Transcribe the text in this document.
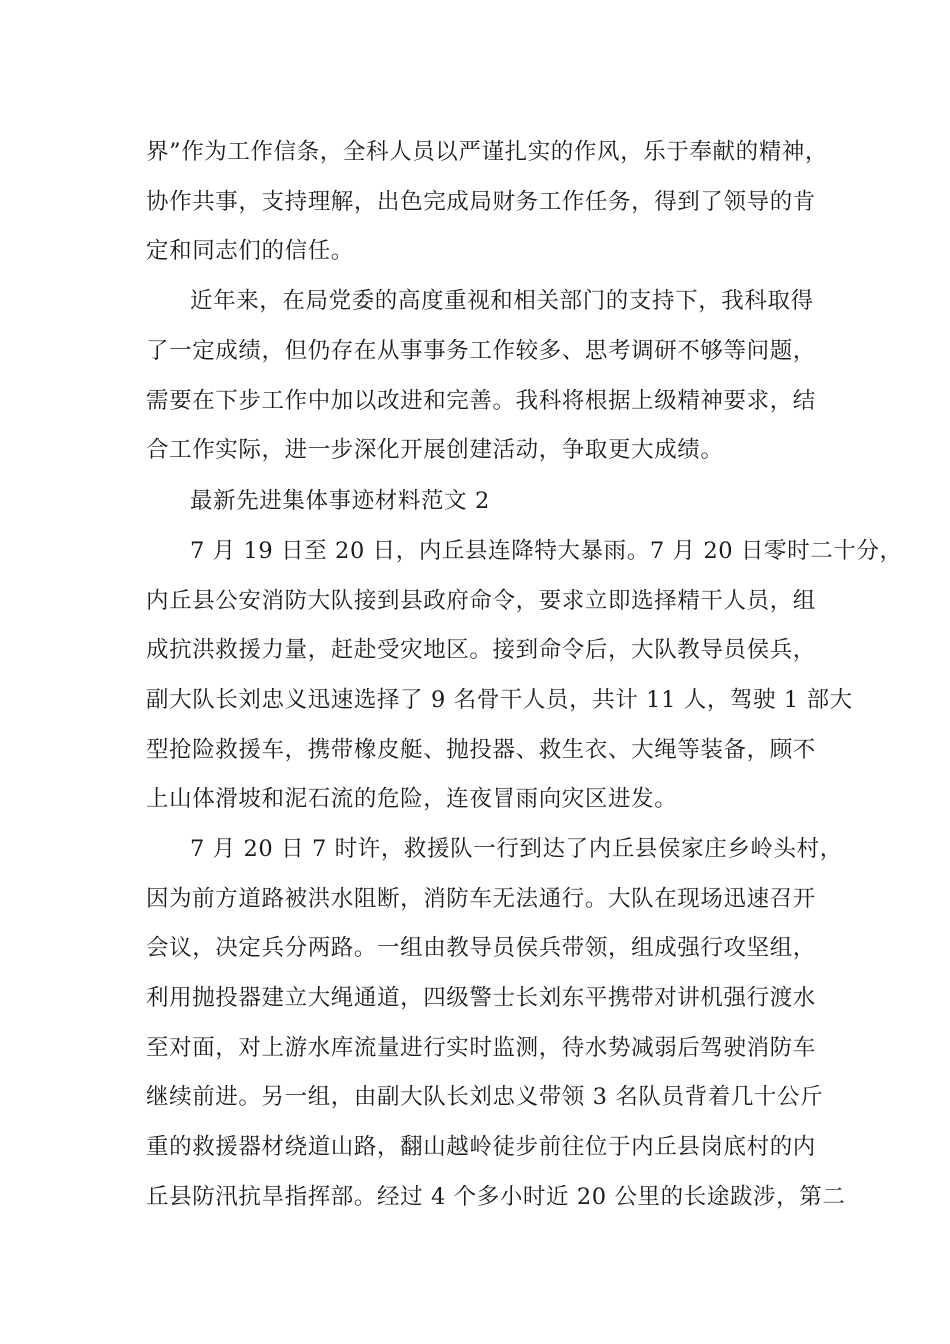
界”作为工作信条，全科人员以严谨扎实的作风，乐于奉献的精神，
协作共事，支持理解，出色完成局财务工作任务，得到了领导的肯
定和同志们的信任。
近年来，在局党委的高度重视和相关部门的支持下，我科取得
了一定成绩，但仍存在从事事务工作较多、思考调研不够等问题，
需要在下步工作中加以改进和完善。我科将根据上级精神要求，结
合工作实际，进一步深化开展创建活动，争取更大成绩。
最新先进集体事迹材料范文 2
7 月 19 日至 20 日，内丘县连降特大暴雨。7 月 20 日零时二十分，
内丘县公安消防大队接到县政府命令，要求立即选择精干人员，组
成抗洪救援力量，赶赴受灾地区。接到命令后，大队教导员侯兵，
副大队长刘忠义迅速选择了 9 名骨干人员，共计 11 人，驾驶 1 部大
型抢险救援车，携带橡皮艇、抛投器、救生衣、大绳等装备，顾不
上山体滑坡和泥石流的危险，连夜冒雨向灾区进发。
7 月 20 日 7 时许，救援队一行到达了内丘县侯家庄乡岭头村，
因为前方道路被洪水阻断，消防车无法通行。大队在现场迅速召开
会议，决定兵分两路。一组由教导员侯兵带领，组成强行攻坚组，
利用抛投器建立大绳通道，四级警士长刘东平携带对讲机强行渡水
至对面，对上游水库流量进行实时监测，待水势减弱后驾驶消防车
继续前进。另一组，由副大队长刘忠义带领 3 名队员背着几十公斤
重的救援器材绕道山路，翻山越岭徒步前往位于内丘县岗底村的内
丘县防汛抗旱指挥部。经过 4 个多小时近 20 公里的长途跋涉，第二
